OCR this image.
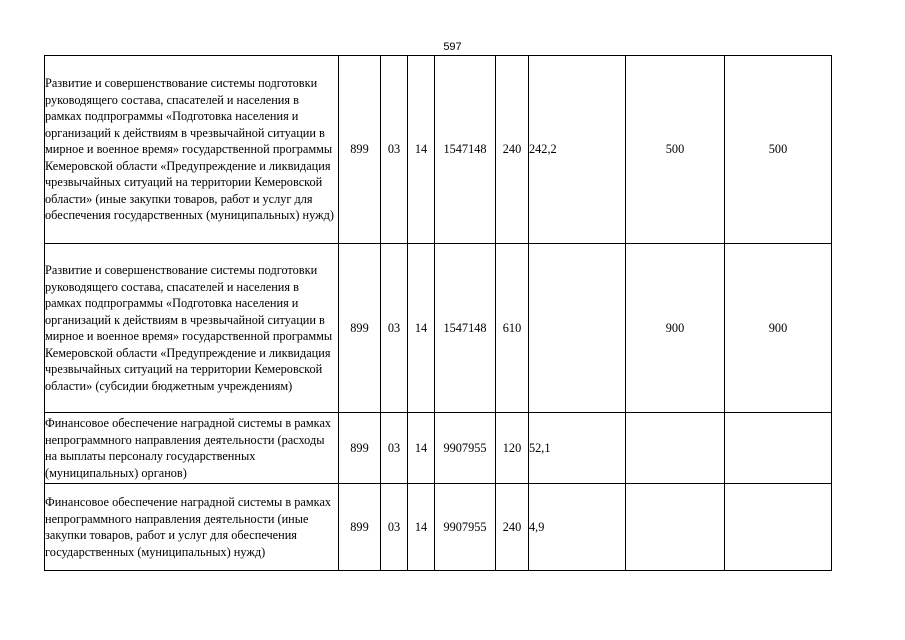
597
Развитие и совершенствование системы подготовки руководящего состава, спасателей и населения в рамках подпрограммы «Подготовка населения и организаций к действиям в чрезвычайной ситуации в мирное и военное время» государственной программы Кемеровской области «Предупреждение и ликвидация чрезвычайных ситуаций на территории Кемеровской области» (иные закупки товаров, работ и услуг для обеспечения государственных (муниципальных) нужд)	899	03	14	1547148	240	242,2	500	500
Развитие и совершенствование системы подготовки руководящего состава, спасателей и населения в рамках подпрограммы «Подготовка населения и организаций к действиям в чрезвычайной ситуации в мирное и военное время» государственной программы Кемеровской области «Предупреждение и ликвидация чрезвычайных ситуаций на территории Кемеровской области» (субсидии бюджетным учреждениям)	899	03	14	1547148	610		900	900
Финансовое обеспечение наградной системы в рамках непрограммного направления деятельности (расходы на выплаты персоналу государственных (муниципальных) органов)	899	03	14	9907955	120	52,1		
Финансовое обеспечение наградной системы в рамках непрограммного направления деятельности (иные закупки товаров, работ и услуг для обеспечения государственных (муниципальных) нужд)	899	03	14	9907955	240	4,9		
